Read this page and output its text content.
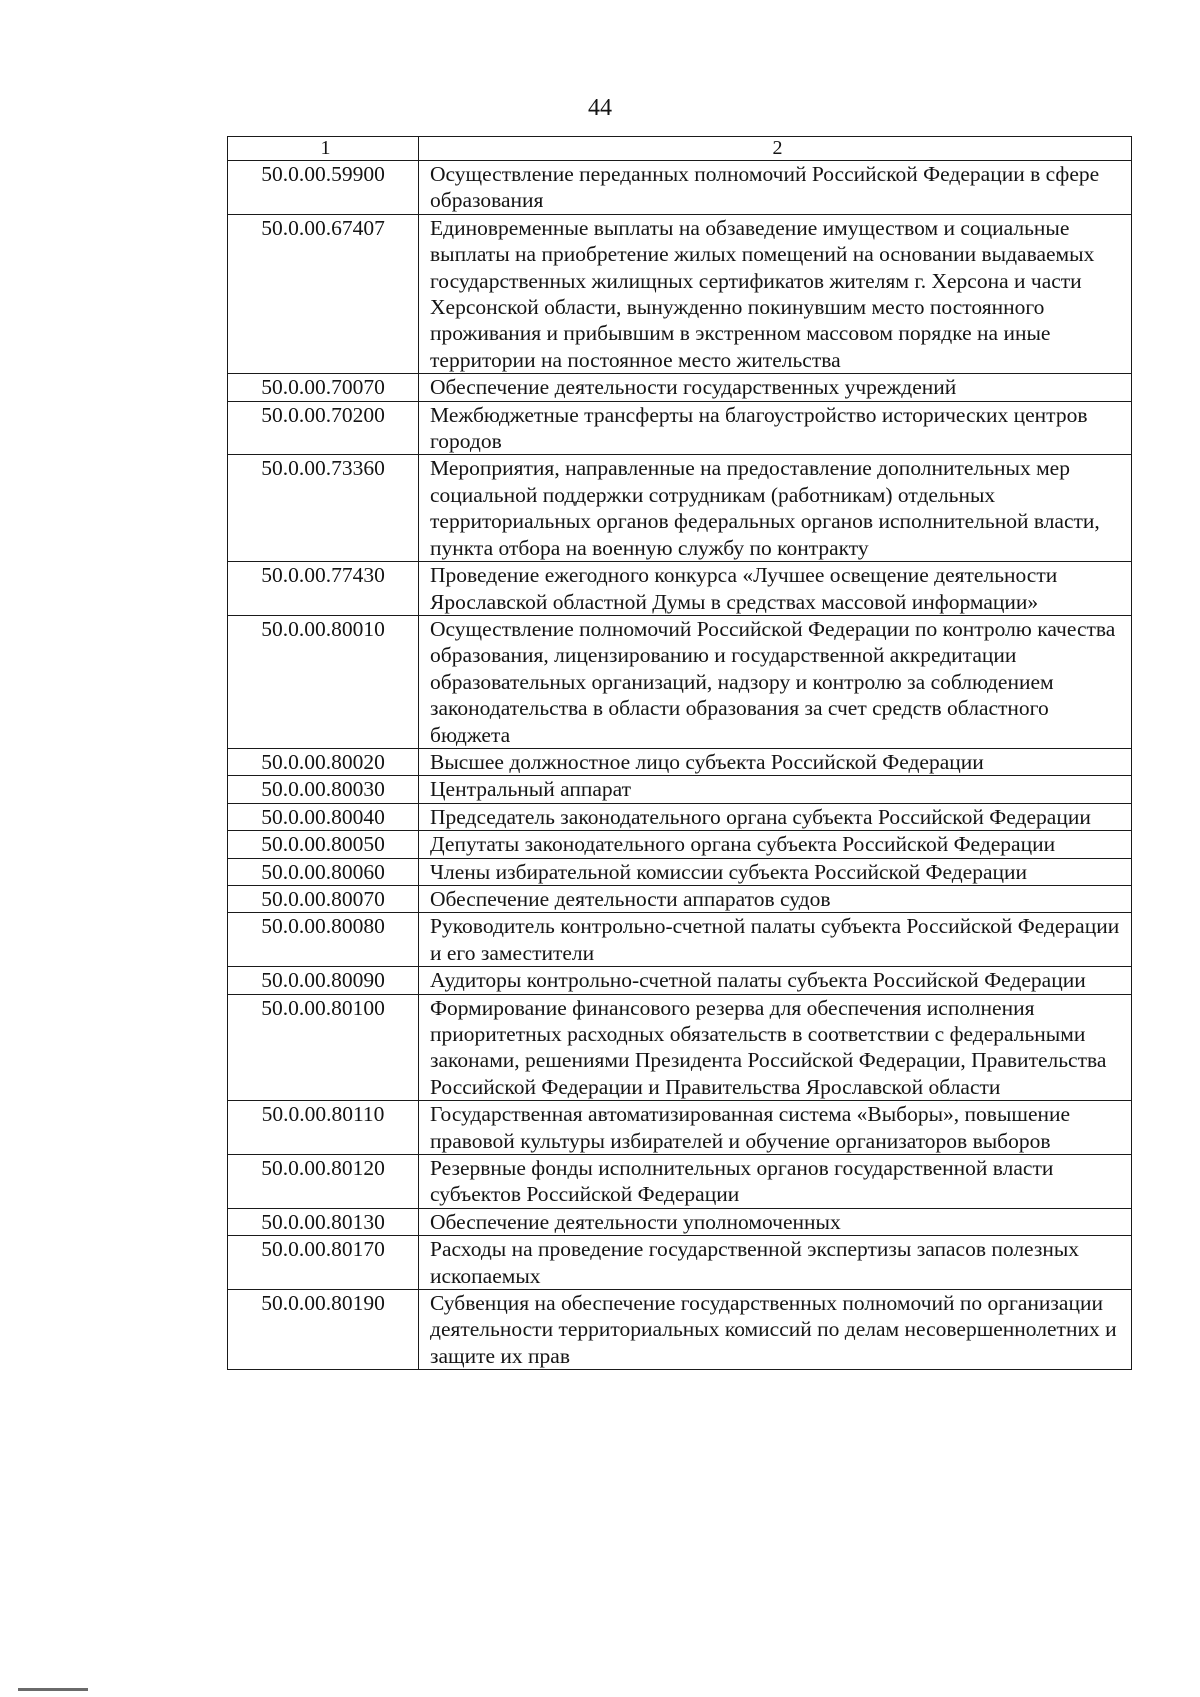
44
1	2
50.0.00.59900	Осуществление переданных полномочий Российской Федерации в сфере образования
50.0.00.67407	Единовременные выплаты на обзаведение имуществом и социальные выплаты на приобретение жилых помещений на основании выдаваемых государственных жилищных сертификатов жителям г. Херсона и части Херсонской области, вынужденно покинувшим место постоянного проживания и прибывшим в экстренном массовом порядке на иные территории на постоянное место жительства
50.0.00.70070	Обеспечение деятельности государственных учреждений
50.0.00.70200	Межбюджетные трансферты на благоустройство исторических центров городов
50.0.00.73360	Мероприятия, направленные на предоставление дополнительных мер социальной поддержки сотрудникам (работникам) отдельных территориальных органов федеральных органов исполнительной власти, пункта отбора на военную службу по контракту
50.0.00.77430	Проведение ежегодного конкурса «Лучшее освещение деятельности Ярославской областной Думы в средствах массовой информации»
50.0.00.80010	Осуществление полномочий Российской Федерации по контролю качества образования, лицензированию и государственной аккредитации образовательных организаций, надзору и контролю за соблюдением законодательства в области образования за счет средств областного бюджета
50.0.00.80020	Высшее должностное лицо субъекта Российской Федерации
50.0.00.80030	Центральный аппарат
50.0.00.80040	Председатель законодательного органа субъекта Российской Федерации
50.0.00.80050	Депутаты законодательного органа субъекта Российской Федерации
50.0.00.80060	Члены избирательной комиссии субъекта Российской Федерации
50.0.00.80070	Обеспечение деятельности аппаратов судов
50.0.00.80080	Руководитель контрольно-счетной палаты субъекта Российской Федерации и его заместители
50.0.00.80090	Аудиторы контрольно-счетной палаты субъекта Российской Федерации
50.0.00.80100	Формирование финансового резерва для обеспечения исполнения приоритетных расходных обязательств в соответствии с федеральными законами, решениями Президента Российской Федерации, Правительства Российской Федерации и Правительства Ярославской области
50.0.00.80110	Государственная автоматизированная система «Выборы», повышение правовой культуры избирателей и обучение организаторов выборов
50.0.00.80120	Резервные фонды исполнительных органов государственной власти субъектов Российской Федерации
50.0.00.80130	Обеспечение деятельности уполномоченных
50.0.00.80170	Расходы на проведение государственной экспертизы запасов полезных ископаемых
50.0.00.80190	Субвенция на обеспечение государственных полномочий по организации деятельности территориальных комиссий по делам несовершеннолетних и защите их прав
